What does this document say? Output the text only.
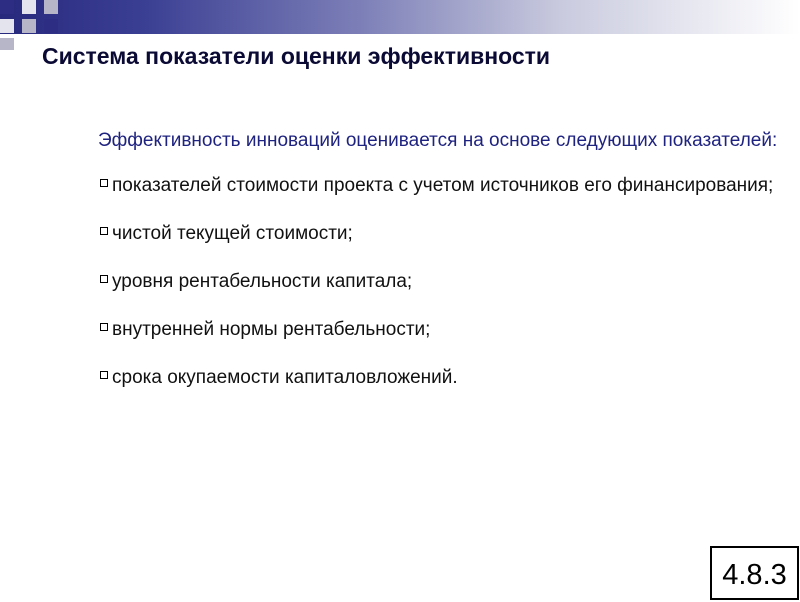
Система показатели оценки эффективности

Эффективность инноваций оценивается на основе следующих показателей:

показателей стоимости проекта с учетом источников его финансирования;
чистой текущей стоимости;
уровня рентабельности капитала;
внутренней нормы рентабельности;
срока окупаемости капиталовложений.
4.8.3
